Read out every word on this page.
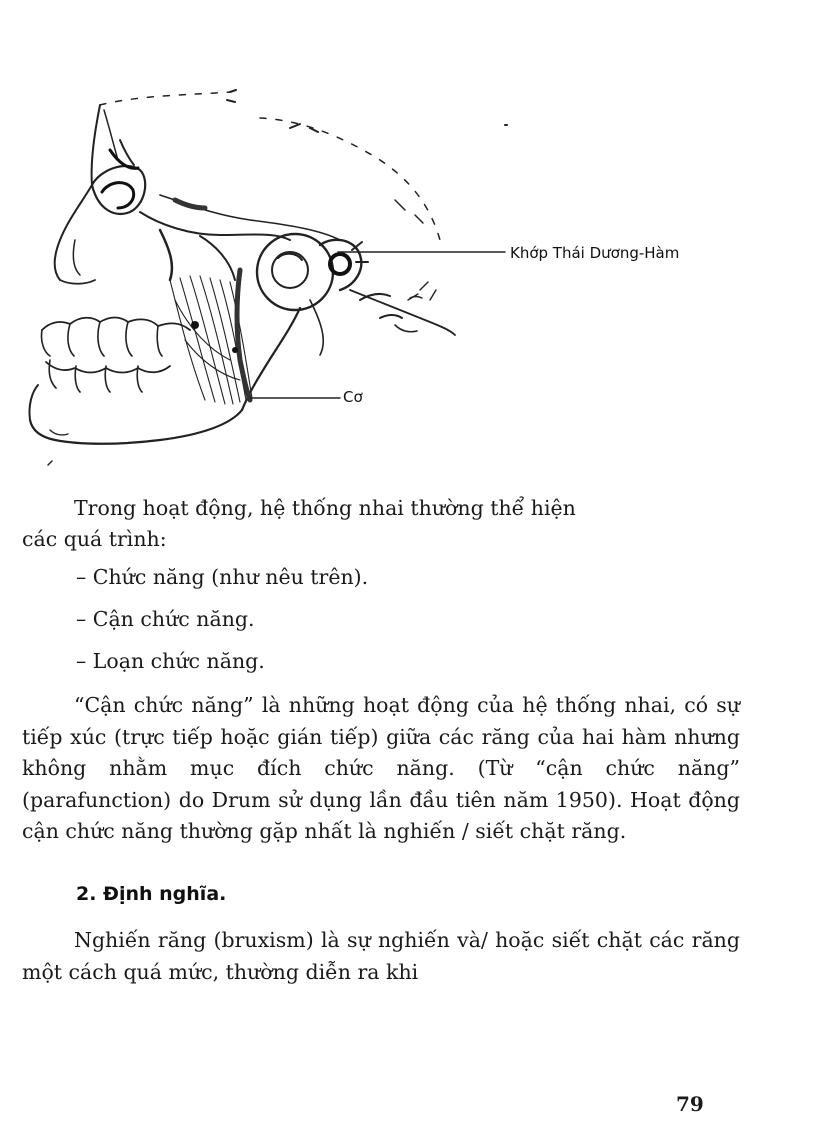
Khớp Thái Dương-Hàm
Cơ
Trong hoạt động, hệ thống nhai thường thể hiện
các quá trình:
– Chức năng (như nêu trên).
– Cận chức năng.
– Loạn chức năng.
“Cận chức năng” là những hoạt động của hệ thống nhai, có sự tiếp xúc (trực tiếp hoặc gián tiếp) giữa các răng của hai hàm nhưng không nhằm mục đích chức năng. (Từ “cận chức năng” (parafunction) do Drum sử dụng lần đầu tiên năm 1950). Hoạt động cận chức năng thường gặp nhất là nghiến / siết chặt răng.
2. Định nghĩa.
Nghiến răng (bruxism) là sự nghiến và/ hoặc siết chặt các răng một cách quá mức, thường diễn ra khi
79
